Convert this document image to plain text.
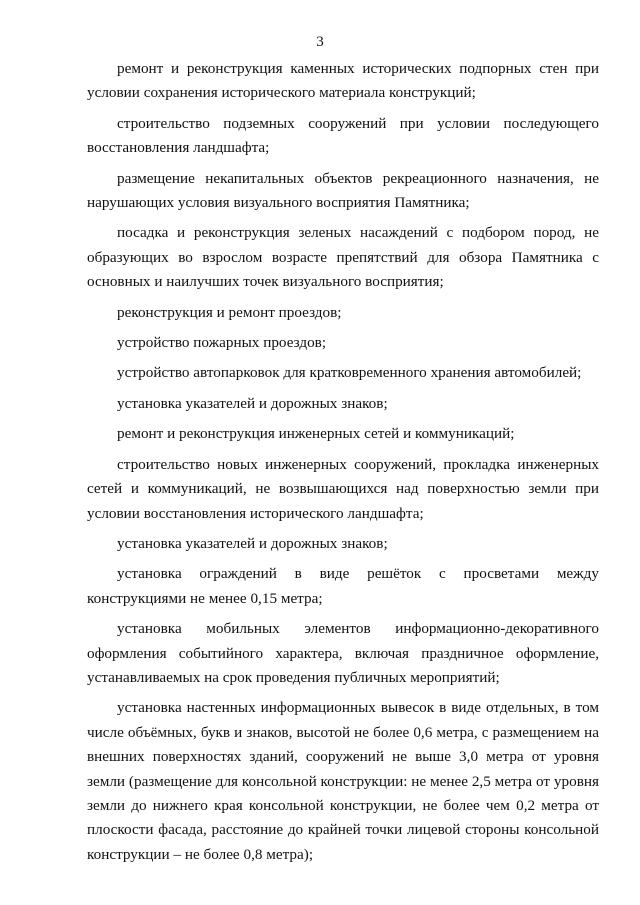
3

ремонт и реконструкция каменных исторических подпорных стен при условии сохранения исторического материала конструкций;

строительство подземных сооружений при условии последующего восстановления ландшафта;

размещение некапитальных объектов рекреационного назначения, не нарушающих условия визуального восприятия Памятника;

посадка и реконструкция зеленых насаждений с подбором пород, не образующих во взрослом возрасте препятствий для обзора Памятника с основных и наилучших точек визуального восприятия;

реконструкция и ремонт проездов;

устройство пожарных проездов;

устройство автопарковок для кратковременного хранения автомобилей;

установка указателей и дорожных знаков;

ремонт и реконструкция инженерных сетей и коммуникаций;

строительство новых инженерных сооружений, прокладка инженерных сетей и коммуникаций, не возвышающихся над поверхностью земли при условии восстановления исторического ландшафта;

установка указателей и дорожных знаков;

установка ограждений в виде решёток с просветами между конструкциями не менее 0,15 метра;

установка мобильных элементов информационно-декоративного оформления событийного характера, включая праздничное оформление, устанавливаемых на срок проведения публичных мероприятий;

установка настенных информационных вывесок в виде отдельных, в том числе объёмных, букв и знаков, высотой не более 0,6 метра, с размещением на внешних поверхностях зданий, сооружений не выше 3,0 метра от уровня земли (размещение для консольной конструкции: не менее 2,5 метра от уровня земли до нижнего края консольной конструкции, не более чем 0,2 метра от плоскости фасада, расстояние до крайней точки лицевой стороны консольной конструкции – не более 0,8 метра);
